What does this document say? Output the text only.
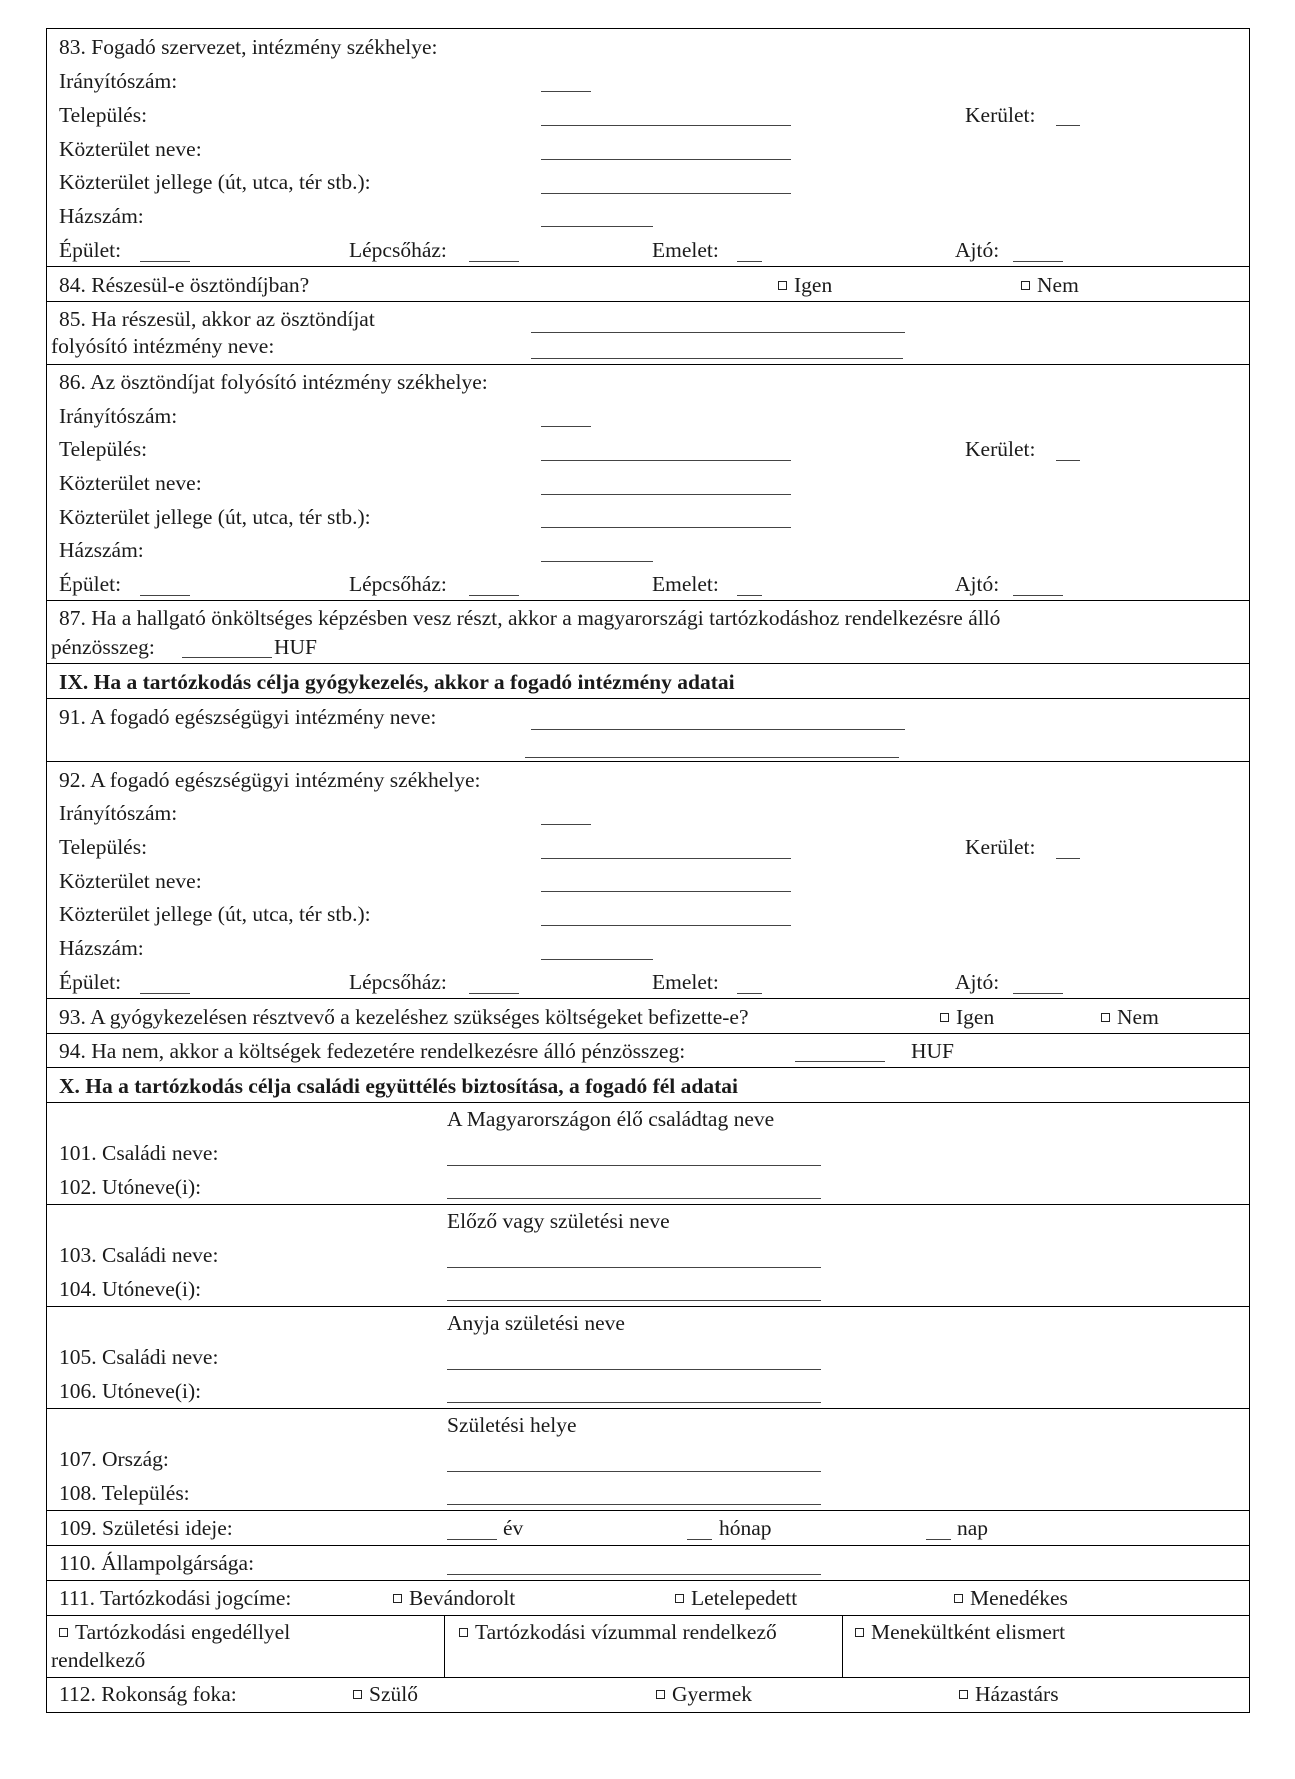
83. Fogadó szervezet, intézmény székhelye:
Irányítószám:
Település:	Kerület:
Közterület neve:
Közterület jellege (út, utca, tér stb.):
Házszám:
Épület:	Lépcsőház:	Emelet:	Ajtó:
84. Részesül-e ösztöndíjban?	Igen	Nem
85. Ha részesül, akkor az ösztöndíjat
folyósító intézmény neve:
86. Az ösztöndíjat folyósító intézmény székhelye:
Irányítószám:
Település:	Kerület:
Közterület neve:
Közterület jellege (út, utca, tér stb.):
Házszám:
Épület:	Lépcsőház:	Emelet:	Ajtó:
87. Ha a hallgató önköltséges képzésben vesz részt, akkor a magyarországi tartózkodáshoz rendelkezésre álló
pénzösszeg:	HUF
IX. Ha a tartózkodás célja gyógykezelés, akkor a fogadó intézmény adatai
91. A fogadó egészségügyi intézmény neve:
92. A fogadó egészségügyi intézmény székhelye:
Irányítószám:
Település:	Kerület:
Közterület neve:
Közterület jellege (út, utca, tér stb.):
Házszám:
Épület:	Lépcsőház:	Emelet:	Ajtó:
93. A gyógykezelésen résztvevő a kezeléshez szükséges költségeket befizette-e?	Igen	Nem
94. Ha nem, akkor a költségek fedezetére rendelkezésre álló pénzösszeg:	HUF
X. Ha a tartózkodás célja családi együttélés biztosítása, a fogadó fél adatai
A Magyarországon élő családtag neve
101. Családi neve:
102. Utóneve(i):
Előző vagy születési neve
103. Családi neve:
104. Utóneve(i):
Anyja születési neve
105. Családi neve:
106. Utóneve(i):
Születési helye
107. Ország:
108. Település:
109. Születési ideje:	év	hónap	nap
110. Állampolgársága:
111. Tartózkodási jogcíme:	Bevándorolt	Letelepedett	Menedékes
Tartózkodási engedéllyel
rendelkező
Tartózkodási vízummal rendelkező	Menekültként elismert
112. Rokonság foka:	Szülő	Gyermek	Házastárs
